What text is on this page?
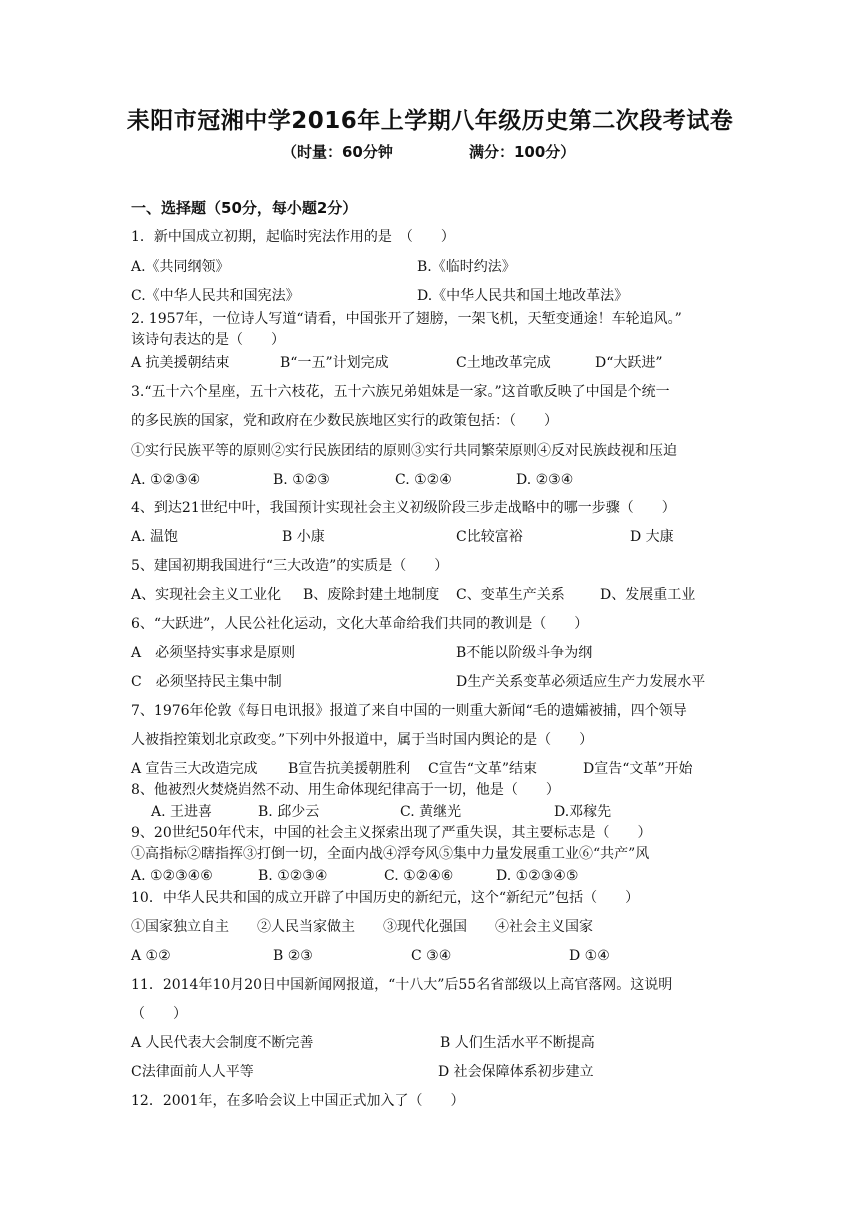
耒阳市冠湘中学2016年上学期八年级历史第二次段考试卷
（时量：60分钟	满分：100分）
一、选择题（50分，每小题2分）
1．新中国成立初期，起临时宪法作用的是　（　　）
A.《共同纲领》	B.《临时约法》
C.《中华人民共和国宪法》	D.《中华人民共和国土地改革法》
2. 1957年，一位诗人写道“请看，中国张开了翅膀，一架飞机，天堑变通途！车轮追风。”
该诗句表达的是（　　）
A 抗美援朝结束	B“一五”计划完成	C土地改革完成	D“大跃进”
3.“五十六个星座，五十六枝花，五十六族兄弟姐妹是一家。”这首歌反映了中国是个统一
的多民族的国家，党和政府在少数民族地区实行的政策包括：（　　）
①实行民族平等的原则②实行民族团结的原则③实行共同繁荣原则④反对民族歧视和压迫
A. ①②③④	B. ①②③	C. ①②④	D. ②③④
4、到达21世纪中叶，我国预计实现社会主义初级阶段三步走战略中的哪一步骤（　　）
A. 温饱	B 小康	C比较富裕	D 大康
5、建国初期我国进行“三大改造”的实质是（　　）
A、实现社会主义工业化 B、废除封建土地制度 C、变革生产关系	D、发展重工业
6、“大跃进”，人民公社化运动，文化大革命给我们共同的教训是（　　）
A　必须坚持实事求是原则	B不能以阶级斗争为纲
C　必须坚持民主集中制	D生产关系变革必须适应生产力发展水平
7、1976年伦敦《每日电讯报》报道了来自中国的一则重大新闻“毛的遗孀被捕，四个领导
人被指控策划北京政变。”下列中外报道中，属于当时国内舆论的是（　　）
A 宣告三大改造完成 B宣告抗美援朝胜利 C宣告“文革”结束	D宣告“文革”开始
8、他被烈火焚烧岿然不动、用生命体现纪律高于一切，他是（　　）
A. 王进喜	B. 邱少云	C. 黄继光	D.邓稼先
9、20世纪50年代末，中国的社会主义探索出现了严重失误，其主要标志是（　　）
①高指标②瞎指挥③打倒一切，全面内战④浮夸风⑤集中力量发展重工业⑥“共产”风
A. ①②③④⑥	B. ①②③④	C. ①②④⑥	D. ①②③④⑤
10．中华人民共和国的成立开辟了中国历史的新纪元，这个“新纪元”包括（　　）
①国家独立自主　　②人民当家做主　　③现代化强国　　④社会主义国家
A ①②	B ②③	C ③④	D ①④
11．2014年10月20日中国新闻网报道，“十八大”后55名省部级以上高官落网。这说明
（　　）
A 人民代表大会制度不断完善	B 人们生活水平不断提高
C法律面前人人平等	D 社会保障体系初步建立
12．2001年，在多哈会议上中国正式加入了（　　）
